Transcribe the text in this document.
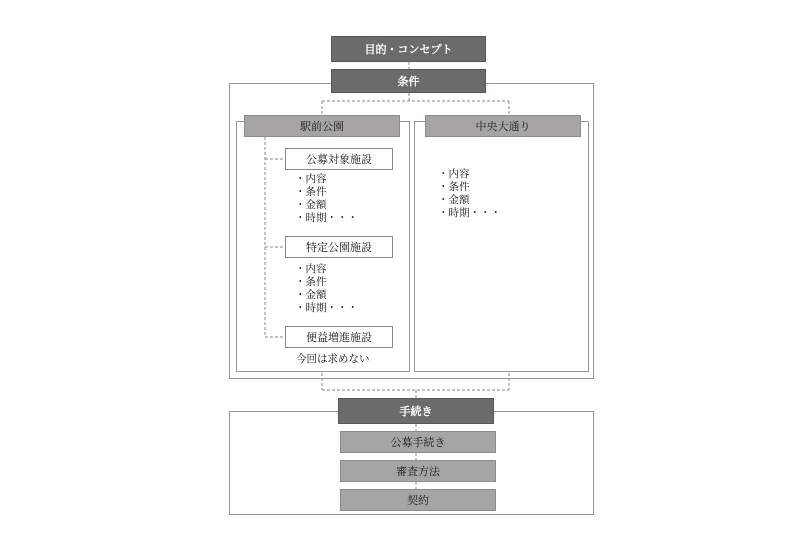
目的・コンセプト
条件
駅前公園
公募対象施設
・内容
・条件
・金額
・時期・・・
特定公園施設
・内容
・条件
・金額
・時期・・・
便益増進施設
今回は求めない
中央大通り
・内容
・条件
・金額
・時期・・・
手続き
公募手続き
審査方法
契約
